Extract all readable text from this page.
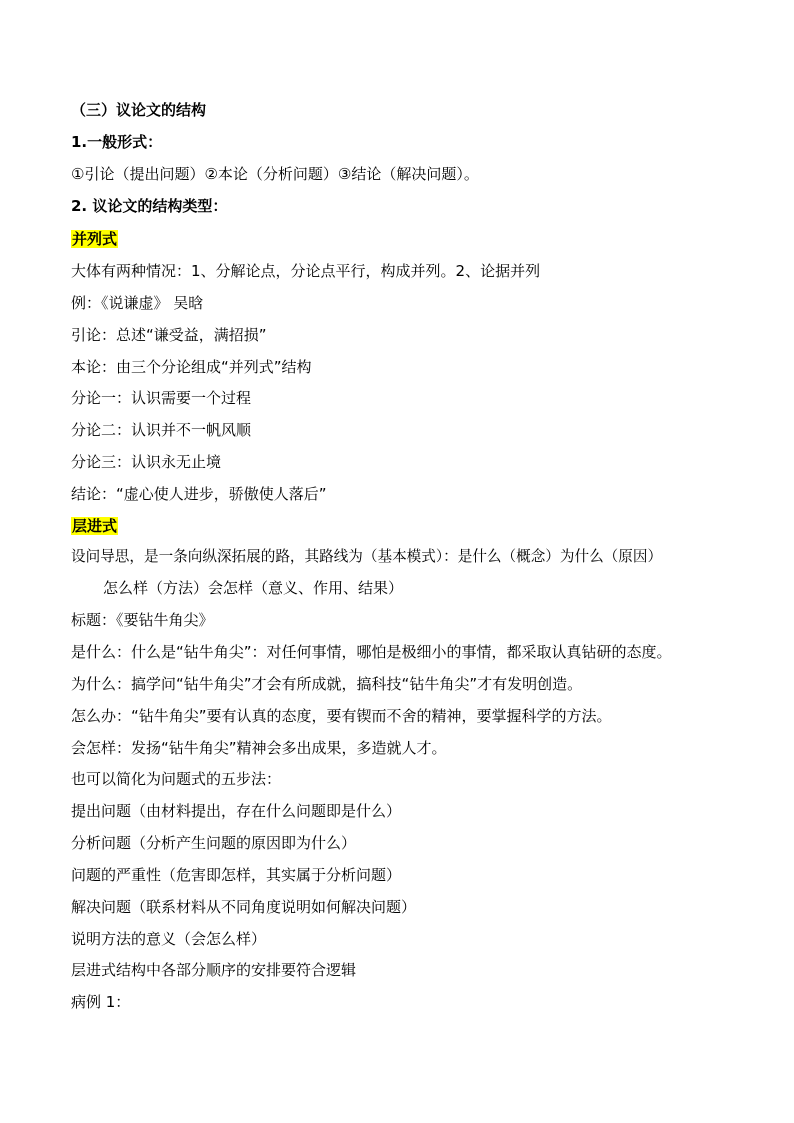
（三）议论文的结构
1.一般形式：
①引论（提出问题）②本论（分析问题）③结论（解决问题）。
2. 议论文的结构类型：
并列式
大体有两种情况：1、分解论点，分论点平行，构成并列。2、论据并列
例：《说谦虚》 吴晗
引论：总述“谦受益，满招损”
本论：由三个分论组成“并列式”结构
分论一：认识需要一个过程
分论二：认识并不一帆风顺
分论三：认识永无止境
结论：“虚心使人进步，骄傲使人落后”
层进式
设问导思，是一条向纵深拓展的路，其路线为（基本模式）：是什么（概念）为什么（原因）
怎么样（方法）会怎样（意义、作用、结果）
标题：《要钻牛角尖》
是什么：什么是“钻牛角尖”：对任何事情，哪怕是极细小的事情，都采取认真钻研的态度。
为什么：搞学问“钻牛角尖”才会有所成就，搞科技“钻牛角尖”才有发明创造。
怎么办：“钻牛角尖”要有认真的态度，要有锲而不舍的精神，要掌握科学的方法。
会怎样：发扬“钻牛角尖”精神会多出成果，多造就人才。
也可以简化为问题式的五步法：
提出问题（由材料提出，存在什么问题即是什么）
分析问题（分析产生问题的原因即为什么）
问题的严重性（危害即怎样，其实属于分析问题）
解决问题（联系材料从不同角度说明如何解决问题）
说明方法的意义（会怎么样）
层进式结构中各部分顺序的安排要符合逻辑
病例 1：
